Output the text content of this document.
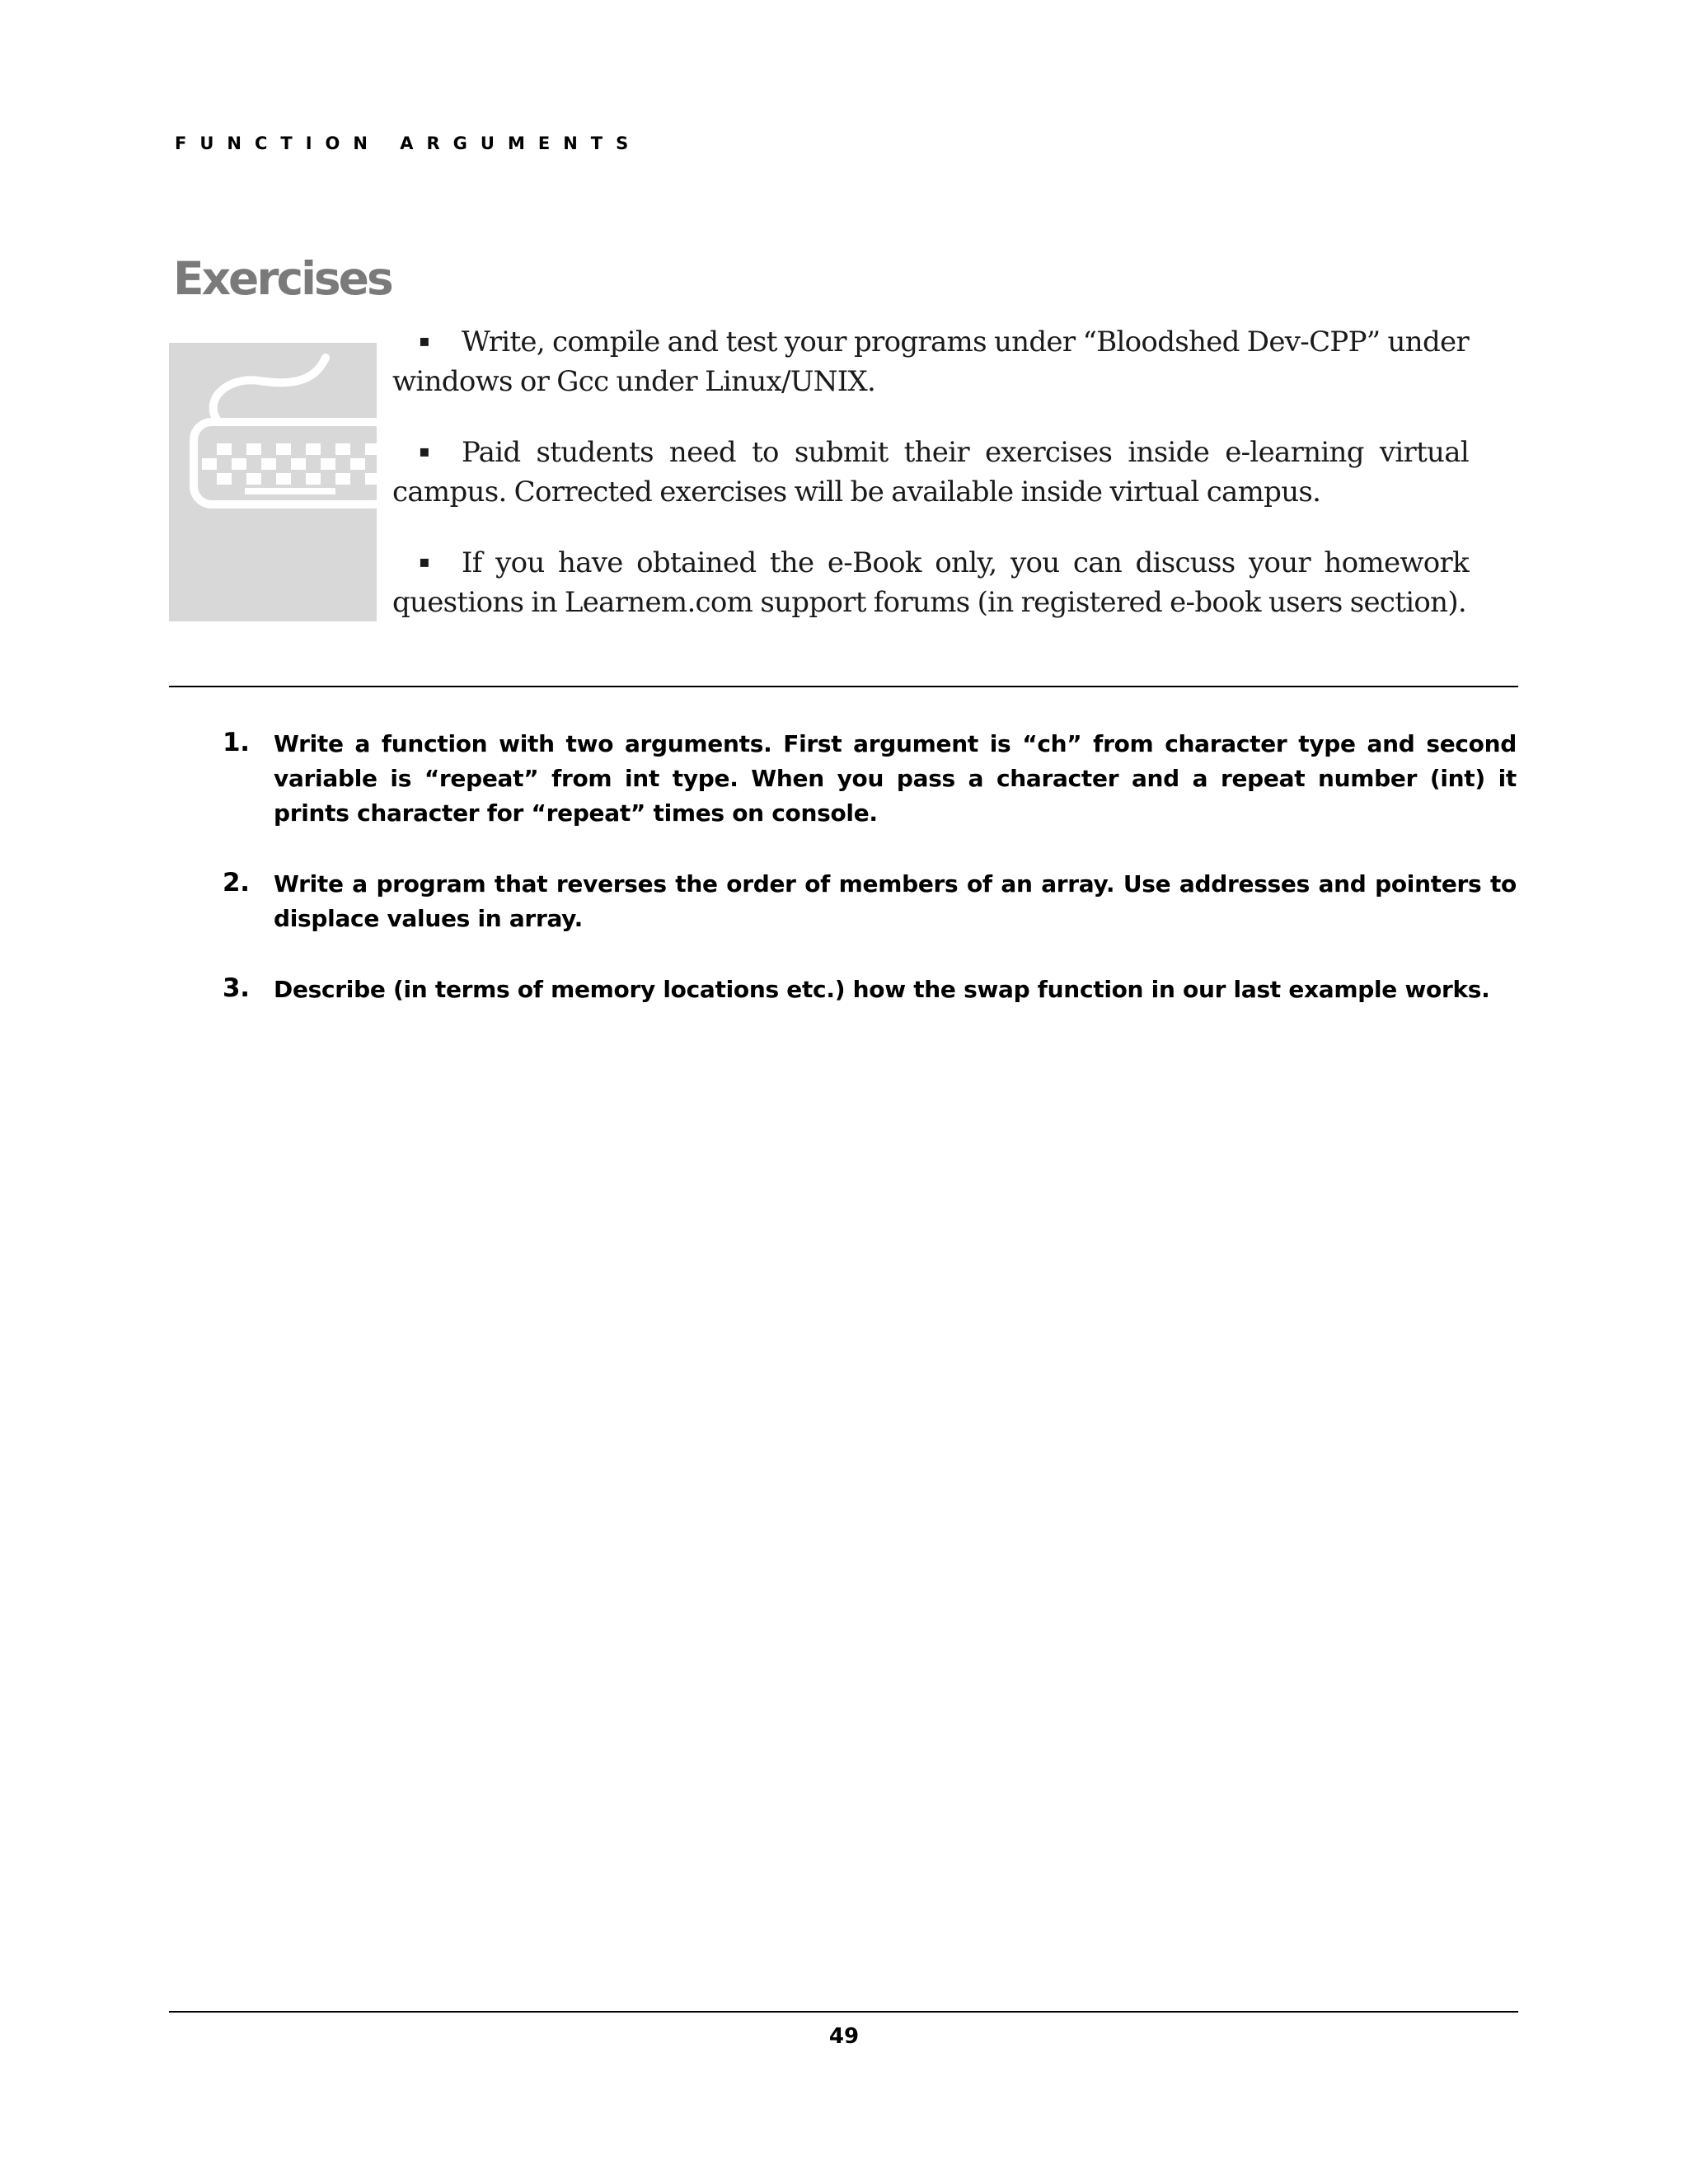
FUNCTION ARGUMENTS
Exercises
▪ Write, compile and test your programs under “Bloodshed Dev-CPP” under windows or Gcc under Linux/UNIX.
▪ Paid students need to submit their exercises inside e-learning virtual campus. Corrected exercises will be available inside virtual campus.
▪ If you have obtained the e-Book only, you can discuss your homework questions in Learnem.com support forums (in registered e-book users section).
1. Write a function with two arguments. First argument is “ch” from character type and second variable is “repeat” from int type. When you pass a character and a repeat number (int) it prints character for “repeat” times on console.
2. Write a program that reverses the order of members of an array. Use addresses and pointers to displace values in array.
3. Describe (in terms of memory locations etc.) how the swap function in our last example works.
49
